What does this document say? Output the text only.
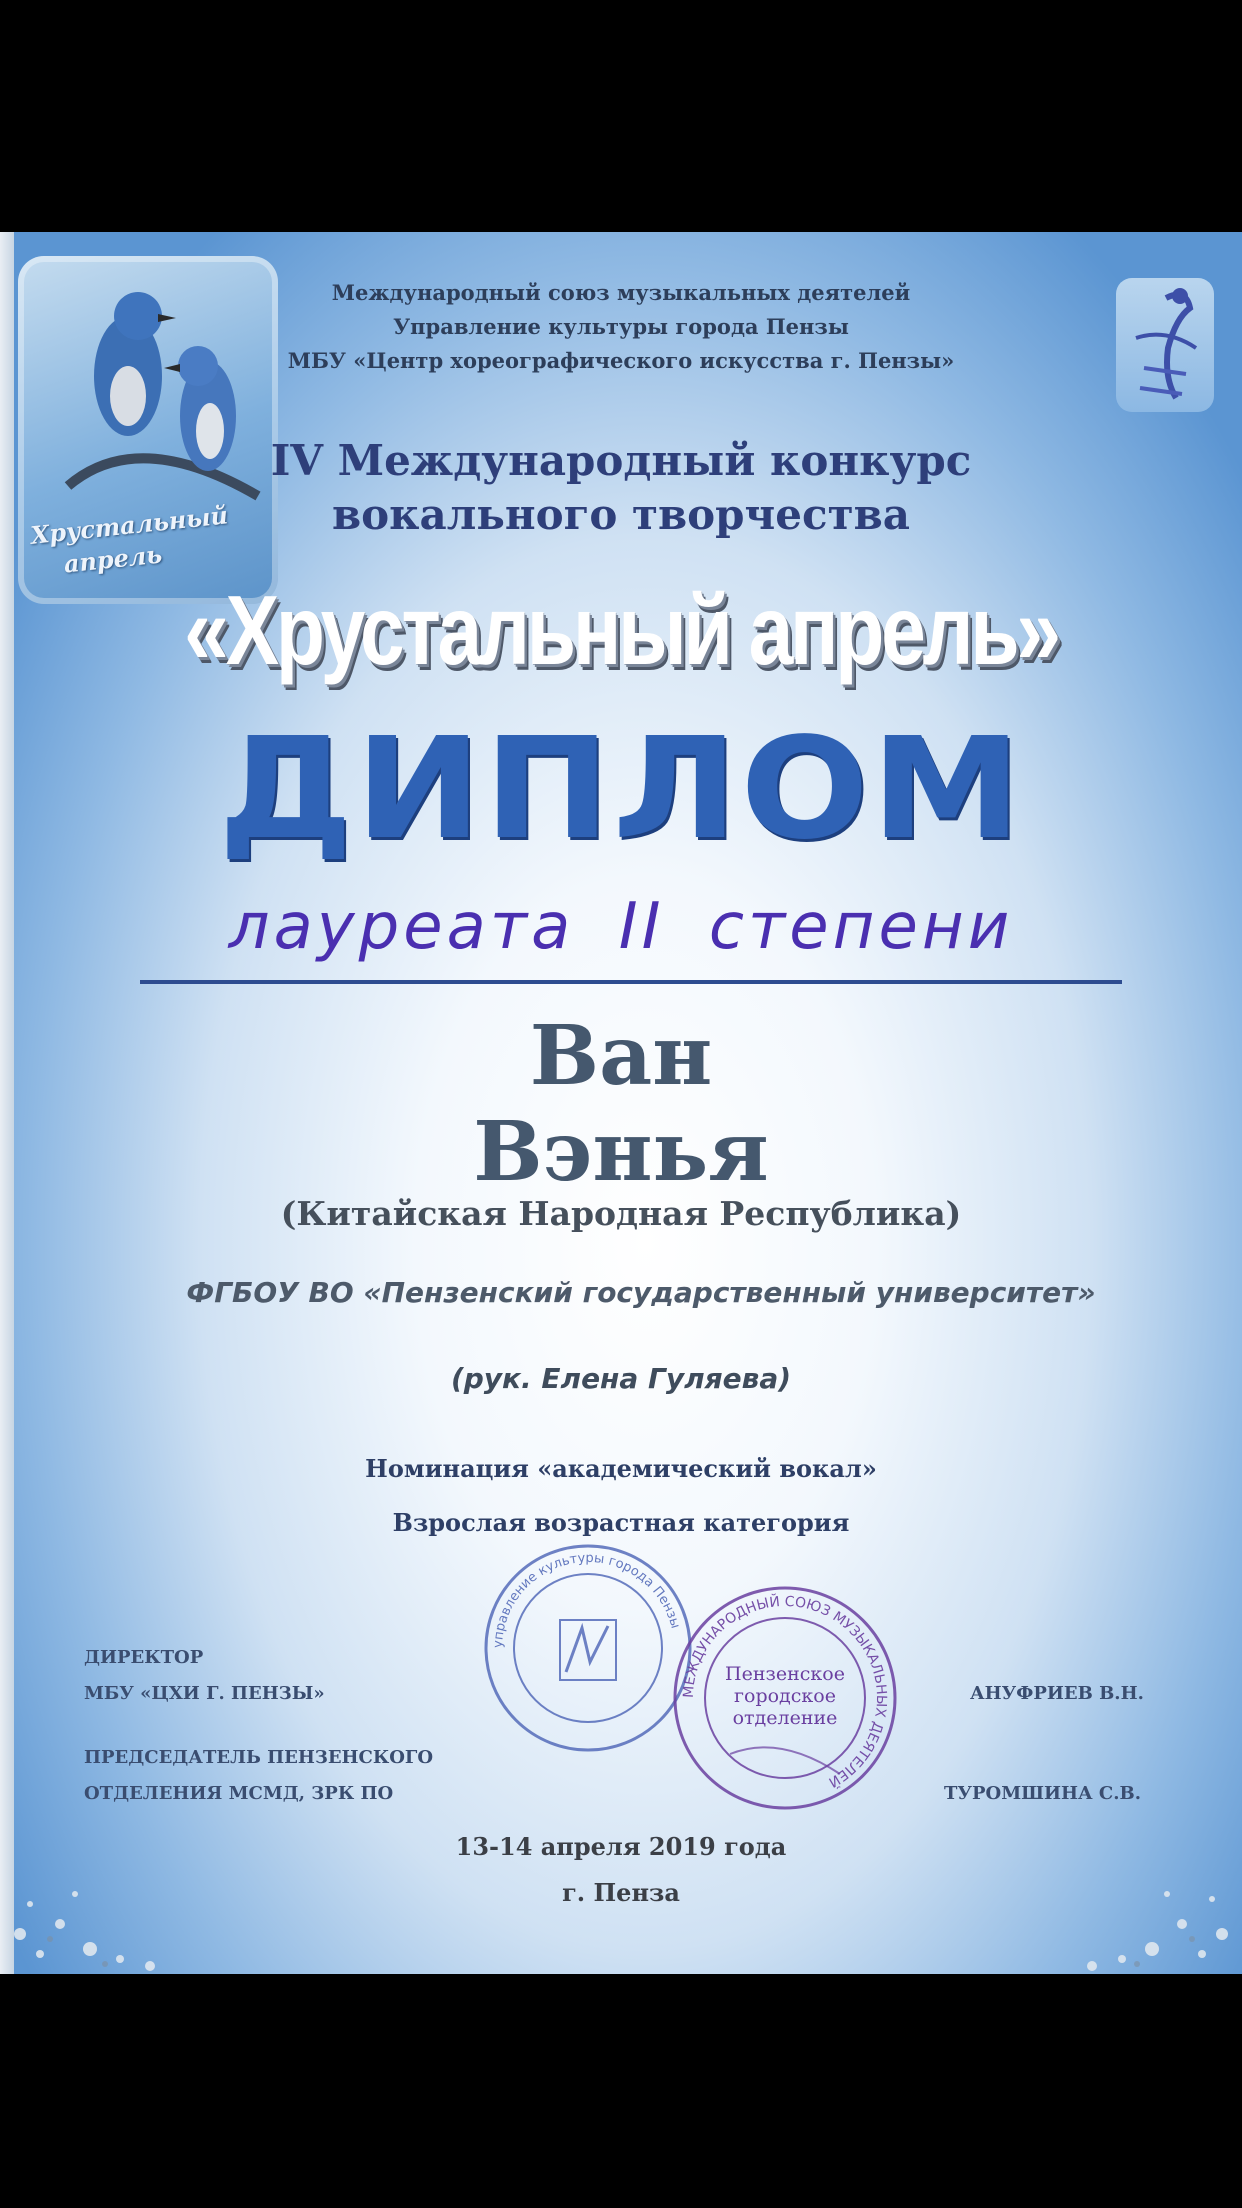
Хрустальный
апрель
Международный союз музыкальных деятелей
Управление культуры города Пензы
МБУ «Центр хореографического искусства г. Пензы»
IV Международный конкурс
вокального творчества
«Хрустальный апрель»
ДИПЛОМ
лауреата II степени
Ван
Вэнья
(Китайская Народная Республика)
ФГБОУ ВО «Пензенский государственный университет»
(рук. Елена Гуляева)
Номинация «академический вокал»
Взрослая возрастная категория
ДИРЕКТОР
МБУ «ЦХИ Г. ПЕНЗЫ»	АНУФРИЕВ В.Н.
ПРЕДСЕДАТЕЛЬ ПЕНЗЕНСКОГО
ОТДЕЛЕНИЯ МСМД, ЗРК ПО	ТУРОМШИНА С.В.
управление культуры города Пензы
МЕЖДУНАРОДНЫЙ СОЮЗ МУЗЫКАЛЬНЫХ ДЕЯТЕЛЕЙ
Пензенское
городское
отделение
13-14 апреля 2019 года
г. Пенза
